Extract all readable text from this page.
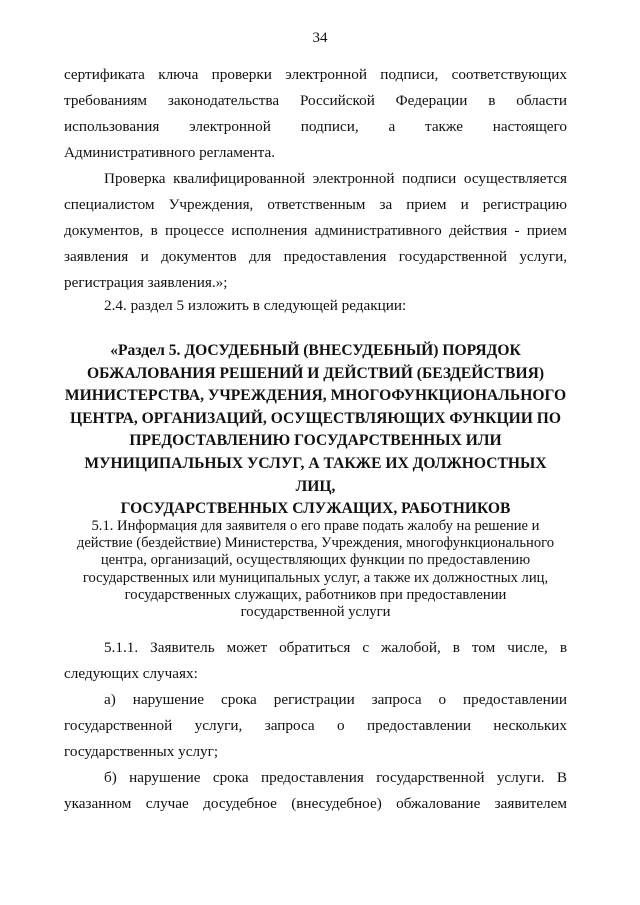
34
сертификата ключа проверки электронной подписи, соответствующих
требованиям законодательства Российской Федерации в области
использования электронной подписи, а также настоящего
Административного регламента.
Проверка квалифицированной электронной подписи осуществляется
специалистом Учреждения, ответственным за прием и регистрацию
документов, в процессе исполнения административного действия - прием
заявления и документов для предоставления государственной услуги,
регистрация заявления.»;
2.4. раздел 5 изложить в следующей редакции:
«Раздел 5. ДОСУДЕБНЫЙ (ВНЕСУДЕБНЫЙ) ПОРЯДОК
ОБЖАЛОВАНИЯ РЕШЕНИЙ И ДЕЙСТВИЙ (БЕЗДЕЙСТВИЯ)
МИНИСТЕРСТВА, УЧРЕЖДЕНИЯ, МНОГОФУНКЦИОНАЛЬНОГО
ЦЕНТРА, ОРГАНИЗАЦИЙ, ОСУЩЕСТВЛЯЮЩИХ ФУНКЦИИ ПО
ПРЕДОСТАВЛЕНИЮ ГОСУДАРСТВЕННЫХ ИЛИ
МУНИЦИПАЛЬНЫХ УСЛУГ, А ТАКЖЕ ИХ ДОЛЖНОСТНЫХ ЛИЦ,
ГОСУДАРСТВЕННЫХ СЛУЖАЩИХ, РАБОТНИКОВ
5.1. Информация для заявителя о его праве подать жалобу на решение и
действие (бездействие) Министерства, Учреждения, многофункционального
центра, организаций, осуществляющих функции по предоставлению
государственных или муниципальных услуг, а также их должностных лиц,
государственных служащих, работников при предоставлении
государственной услуги
5.1.1. Заявитель может обратиться с жалобой, в том числе, в
следующих случаях:
а) нарушение срока регистрации запроса о предоставлении
государственной услуги, запроса о предоставлении нескольких
государственных услуг;
б) нарушение срока предоставления государственной услуги. В
указанном случае досудебное (внесудебное) обжалование заявителем
